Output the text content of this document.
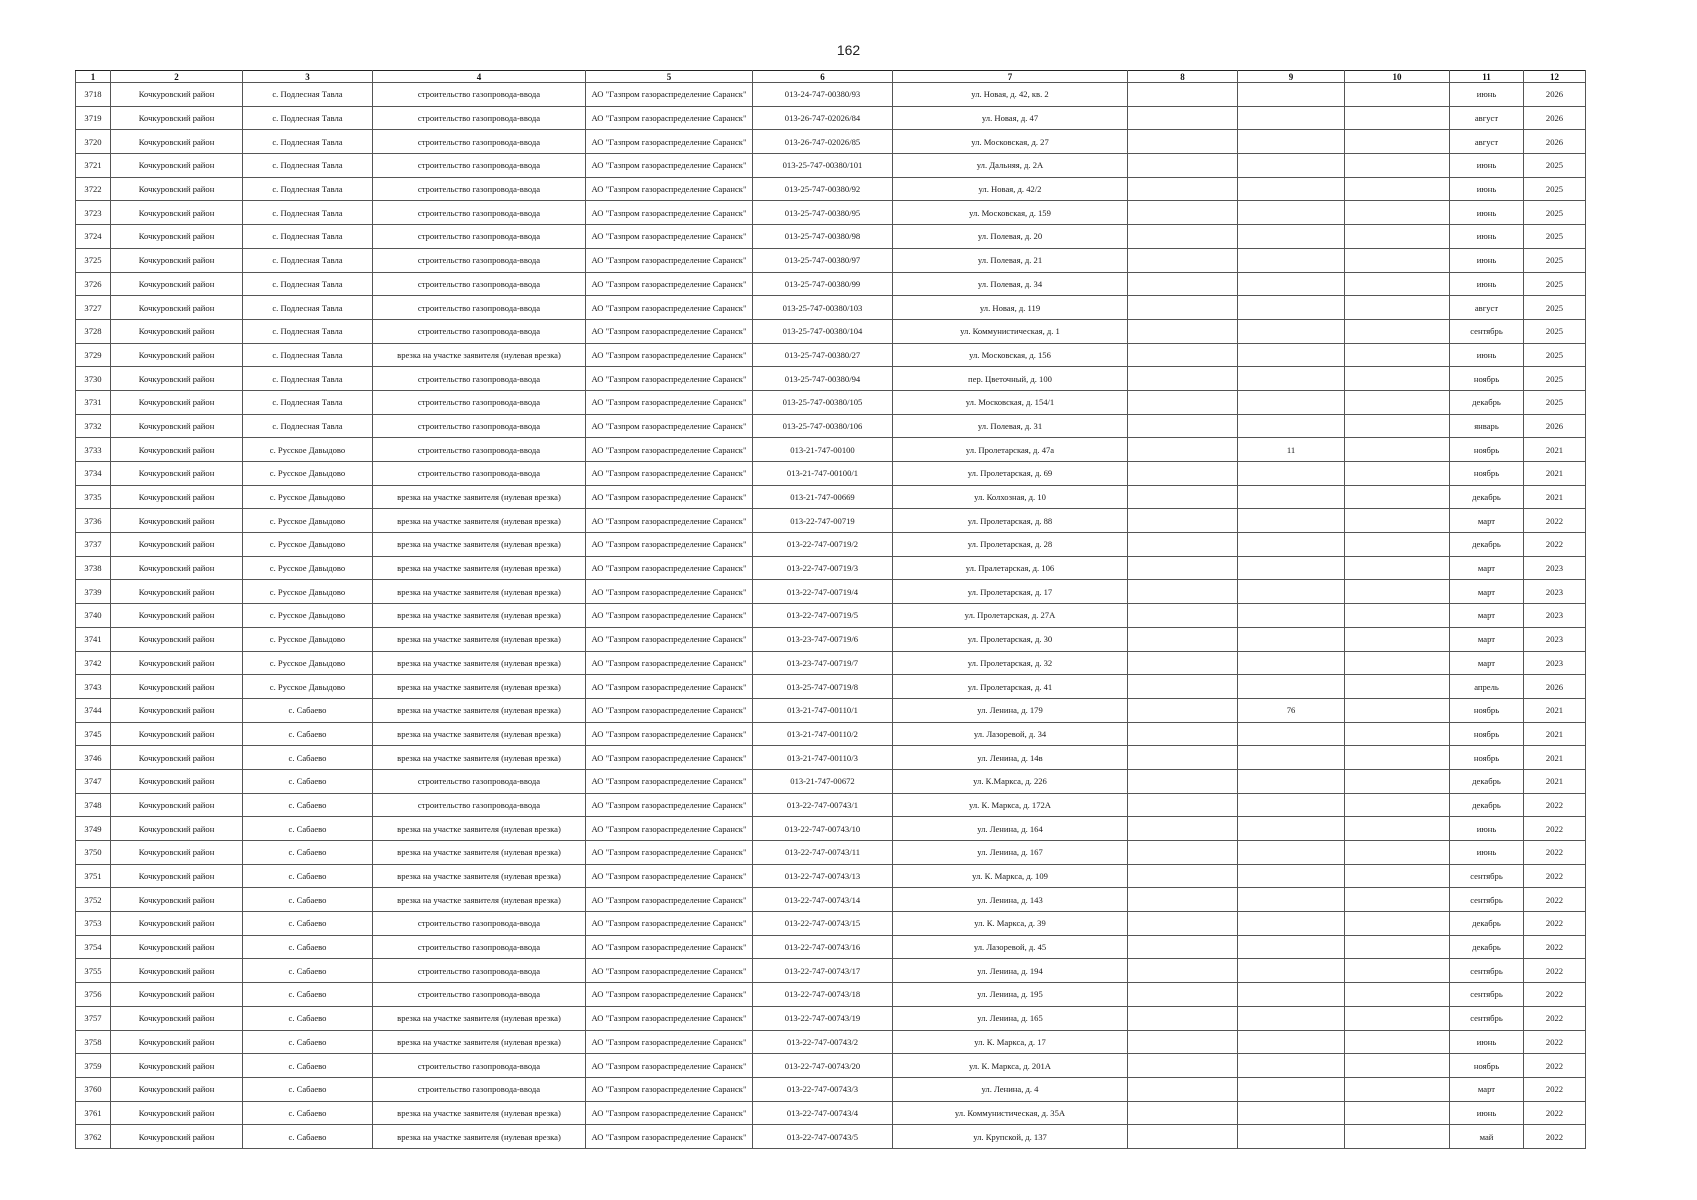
162
1	2	3	4	5	6	7	8	9	10	11	12
3718	Кочкуровский район	с. Подлесная Тавла	строительство газопровода-ввода	АО "Газпром газораспределение Саранск"	013-24-747-00380/93	ул. Новая, д. 42, кв. 2				июнь	2026
3719	Кочкуровский район	с. Подлесная Тавла	строительство газопровода-ввода	АО "Газпром газораспределение Саранск"	013-26-747-02026/84	ул. Новая, д. 47				август	2026
3720	Кочкуровский район	с. Подлесная Тавла	строительство газопровода-ввода	АО "Газпром газораспределение Саранск"	013-26-747-02026/85	ул. Московская, д. 27				август	2026
3721	Кочкуровский район	с. Подлесная Тавла	строительство газопровода-ввода	АО "Газпром газораспределение Саранск"	013-25-747-00380/101	ул. Дальняя, д. 2А				июнь	2025
3722	Кочкуровский район	с. Подлесная Тавла	строительство газопровода-ввода	АО "Газпром газораспределение Саранск"	013-25-747-00380/92	ул. Новая, д. 42/2				июнь	2025
3723	Кочкуровский район	с. Подлесная Тавла	строительство газопровода-ввода	АО "Газпром газораспределение Саранск"	013-25-747-00380/95	ул. Московская, д. 159				июнь	2025
3724	Кочкуровский район	с. Подлесная Тавла	строительство газопровода-ввода	АО "Газпром газораспределение Саранск"	013-25-747-00380/98	ул. Полевая, д. 20				июнь	2025
3725	Кочкуровский район	с. Подлесная Тавла	строительство газопровода-ввода	АО "Газпром газораспределение Саранск"	013-25-747-00380/97	ул. Полевая, д. 21				июнь	2025
3726	Кочкуровский район	с. Подлесная Тавла	строительство газопровода-ввода	АО "Газпром газораспределение Саранск"	013-25-747-00380/99	ул. Полевая, д. 34				июнь	2025
3727	Кочкуровский район	с. Подлесная Тавла	строительство газопровода-ввода	АО "Газпром газораспределение Саранск"	013-25-747-00380/103	ул. Новая, д. 119				август	2025
3728	Кочкуровский район	с. Подлесная Тавла	строительство газопровода-ввода	АО "Газпром газораспределение Саранск"	013-25-747-00380/104	ул. Коммунистическая, д. 1				сентябрь	2025
3729	Кочкуровский район	с. Подлесная Тавла	врезка на участке заявителя (нулевая врезка)	АО "Газпром газораспределение Саранск"	013-25-747-00380/27	ул. Московская, д. 156				июнь	2025
3730	Кочкуровский район	с. Подлесная Тавла	строительство газопровода-ввода	АО "Газпром газораспределение Саранск"	013-25-747-00380/94	пер. Цветочный, д. 100				ноябрь	2025
3731	Кочкуровский район	с. Подлесная Тавла	строительство газопровода-ввода	АО "Газпром газораспределение Саранск"	013-25-747-00380/105	ул. Московская, д. 154/1				декабрь	2025
3732	Кочкуровский район	с. Подлесная Тавла	строительство газопровода-ввода	АО "Газпром газораспределение Саранск"	013-25-747-00380/106	ул. Полевая, д. 31				январь	2026
3733	Кочкуровский район	с. Русское Давыдово	строительство газопровода-ввода	АО "Газпром газораспределение Саранск"	013-21-747-00100	ул. Пролетарская, д. 47а		11		ноябрь	2021
3734	Кочкуровский район	с. Русское Давыдово	строительство газопровода-ввода	АО "Газпром газораспределение Саранск"	013-21-747-00100/1	ул. Пролетарская, д. 69				ноябрь	2021
3735	Кочкуровский район	с. Русское Давыдово	врезка на участке заявителя (нулевая врезка)	АО "Газпром газораспределение Саранск"	013-21-747-00669	ул. Колхозная, д. 10				декабрь	2021
3736	Кочкуровский район	с. Русское Давыдово	врезка на участке заявителя (нулевая врезка)	АО "Газпром газораспределение Саранск"	013-22-747-00719	ул. Пролетарская, д. 88				март	2022
3737	Кочкуровский район	с. Русское Давыдово	врезка на участке заявителя (нулевая врезка)	АО "Газпром газораспределение Саранск"	013-22-747-00719/2	ул. Пролетарская, д. 28				декабрь	2022
3738	Кочкуровский район	с. Русское Давыдово	врезка на участке заявителя (нулевая врезка)	АО "Газпром газораспределение Саранск"	013-22-747-00719/3	ул. Пралетарская, д. 106				март	2023
3739	Кочкуровский район	с. Русское Давыдово	врезка на участке заявителя (нулевая врезка)	АО "Газпром газораспределение Саранск"	013-22-747-00719/4	ул. Пролетарская, д. 17				март	2023
3740	Кочкуровский район	с. Русское Давыдово	врезка на участке заявителя (нулевая врезка)	АО "Газпром газораспределение Саранск"	013-22-747-00719/5	ул. Пролетарская, д. 27А				март	2023
3741	Кочкуровский район	с. Русское Давыдово	врезка на участке заявителя (нулевая врезка)	АО "Газпром газораспределение Саранск"	013-23-747-00719/6	ул. Пролетарская, д. 30				март	2023
3742	Кочкуровский район	с. Русское Давыдово	врезка на участке заявителя (нулевая врезка)	АО "Газпром газораспределение Саранск"	013-23-747-00719/7	ул. Пролетарская, д. 32				март	2023
3743	Кочкуровский район	с. Русское Давыдово	врезка на участке заявителя (нулевая врезка)	АО "Газпром газораспределение Саранск"	013-25-747-00719/8	ул. Пролетарская, д. 41				апрель	2026
3744	Кочкуровский район	с. Сабаево	врезка на участке заявителя (нулевая врезка)	АО "Газпром газораспределение Саранск"	013-21-747-00110/1	ул. Ленина, д. 179		76		ноябрь	2021
3745	Кочкуровский район	с. Сабаево	врезка на участке заявителя (нулевая врезка)	АО "Газпром газораспределение Саранск"	013-21-747-00110/2	ул. Лазоревой, д. 34				ноябрь	2021
3746	Кочкуровский район	с. Сабаево	врезка на участке заявителя (нулевая врезка)	АО "Газпром газораспределение Саранск"	013-21-747-00110/3	ул. Ленина, д. 14в				ноябрь	2021
3747	Кочкуровский район	с. Сабаево	строительство газопровода-ввода	АО "Газпром газораспределение Саранск"	013-21-747-00672	ул. К.Маркса, д. 226				декабрь	2021
3748	Кочкуровский район	с. Сабаево	строительство газопровода-ввода	АО "Газпром газораспределение Саранск"	013-22-747-00743/1	ул. К. Маркса, д. 172А				декабрь	2022
3749	Кочкуровский район	с. Сабаево	врезка на участке заявителя (нулевая врезка)	АО "Газпром газораспределение Саранск"	013-22-747-00743/10	ул. Ленина, д. 164				июнь	2022
3750	Кочкуровский район	с. Сабаево	врезка на участке заявителя (нулевая врезка)	АО "Газпром газораспределение Саранск"	013-22-747-00743/11	ул. Ленина, д. 167				июнь	2022
3751	Кочкуровский район	с. Сабаево	врезка на участке заявителя (нулевая врезка)	АО "Газпром газораспределение Саранск"	013-22-747-00743/13	ул. К. Маркса, д. 109				сентябрь	2022
3752	Кочкуровский район	с. Сабаево	врезка на участке заявителя (нулевая врезка)	АО "Газпром газораспределение Саранск"	013-22-747-00743/14	ул. Ленина, д. 143				сентябрь	2022
3753	Кочкуровский район	с. Сабаево	строительство газопровода-ввода	АО "Газпром газораспределение Саранск"	013-22-747-00743/15	ул. К. Маркса, д. 39				декабрь	2022
3754	Кочкуровский район	с. Сабаево	строительство газопровода-ввода	АО "Газпром газораспределение Саранск"	013-22-747-00743/16	ул. Лазоревой, д. 45				декабрь	2022
3755	Кочкуровский район	с. Сабаево	строительство газопровода-ввода	АО "Газпром газораспределение Саранск"	013-22-747-00743/17	ул. Ленина, д. 194				сентябрь	2022
3756	Кочкуровский район	с. Сабаево	строительство газопровода-ввода	АО "Газпром газораспределение Саранск"	013-22-747-00743/18	ул. Ленина, д. 195				сентябрь	2022
3757	Кочкуровский район	с. Сабаево	врезка на участке заявителя (нулевая врезка)	АО "Газпром газораспределение Саранск"	013-22-747-00743/19	ул. Ленина, д. 165				сентябрь	2022
3758	Кочкуровский район	с. Сабаево	врезка на участке заявителя (нулевая врезка)	АО "Газпром газораспределение Саранск"	013-22-747-00743/2	ул. К. Маркса, д. 17				июнь	2022
3759	Кочкуровский район	с. Сабаево	строительство газопровода-ввода	АО "Газпром газораспределение Саранск"	013-22-747-00743/20	ул. К. Маркса, д. 201А				ноябрь	2022
3760	Кочкуровский район	с. Сабаево	строительство газопровода-ввода	АО "Газпром газораспределение Саранск"	013-22-747-00743/3	ул. Ленина, д. 4				март	2022
3761	Кочкуровский район	с. Сабаево	врезка на участке заявителя (нулевая врезка)	АО "Газпром газораспределение Саранск"	013-22-747-00743/4	ул. Коммунистическая, д. 35А				июнь	2022
3762	Кочкуровский район	с. Сабаево	врезка на участке заявителя (нулевая врезка)	АО "Газпром газораспределение Саранск"	013-22-747-00743/5	ул. Крупской, д. 137				май	2022
